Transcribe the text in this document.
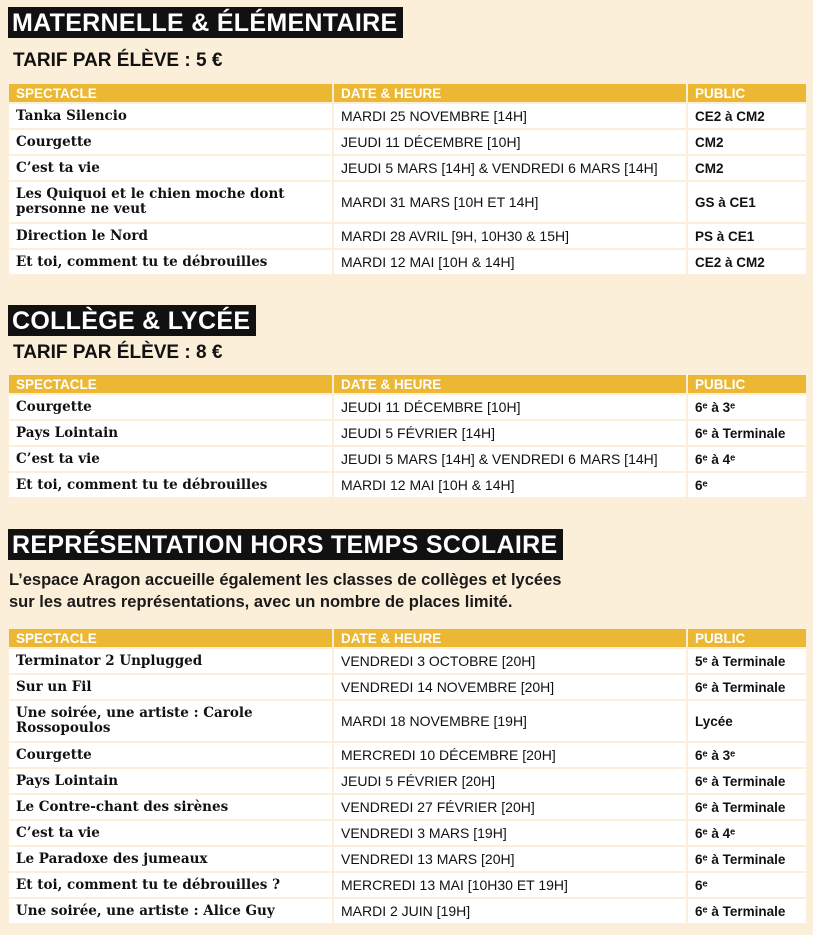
MATERNELLE & ÉLÉMENTAIRE
TARIF PAR ÉLÈVE : 5 €
SPECTACLE	DATE & HEURE	PUBLIC
Tanka Silencio	MARDI 25 NOVEMBRE [14H]	CE2 à CM2
Courgette	JEUDI 11 DÉCEMBRE [10H]	CM2
C’est ta vie	JEUDI 5 MARS [14H] & VENDREDI 6 MARS [14H]	CM2
Les Quiquoi et le chien moche dont personne ne veut	MARDI 31 MARS [10H ET 14H]	GS à CE1
Direction le Nord	MARDI 28 AVRIL [9H, 10H30 & 15H]	PS à CE1
Et toi, comment tu te débrouilles	MARDI 12 MAI [10H & 14H]	CE2 à CM2
COLLÈGE & LYCÉE
TARIF PAR ÉLÈVE : 8 €
SPECTACLE	DATE & HEURE	PUBLIC
Courgette	JEUDI 11 DÉCEMBRE [10H]	6ᵉ à 3ᵉ
Pays Lointain	JEUDI 5 FÉVRIER [14H]	6ᵉ à Terminale
C’est ta vie	JEUDI 5 MARS [14H] & VENDREDI 6 MARS [14H]	6ᵉ à 4ᵉ
Et toi, comment tu te débrouilles	MARDI 12 MAI [10H & 14H]	6ᵉ
REPRÉSENTATION HORS TEMPS SCOLAIRE
L’espace Aragon accueille également les classes de collèges et lycées
sur les autres représentations, avec un nombre de places limité.
SPECTACLE	DATE & HEURE	PUBLIC
Terminator 2 Unplugged	VENDREDI 3 OCTOBRE [20H]	5ᵉ à Terminale
Sur un Fil	VENDREDI 14 NOVEMBRE [20H]	6ᵉ à Terminale
Une soirée, une artiste : Carole Rossopoulos	MARDI 18 NOVEMBRE [19H]	Lycée
Courgette	MERCREDI 10 DÉCEMBRE [20H]	6ᵉ à 3ᵉ
Pays Lointain	JEUDI 5 FÉVRIER [20H]	6ᵉ à Terminale
Le Contre-chant des sirènes	VENDREDI 27 FÉVRIER [20H]	6ᵉ à Terminale
C’est ta vie	VENDREDI 3 MARS [19H]	6ᵉ à 4ᵉ
Le Paradoxe des jumeaux	VENDREDI 13 MARS [20H]	6ᵉ à Terminale
Et toi, comment tu te débrouilles ?	MERCREDI 13 MAI [10H30 ET 19H]	6ᵉ
Une soirée, une artiste : Alice Guy	MARDI 2 JUIN [19H]	6ᵉ à Terminale
